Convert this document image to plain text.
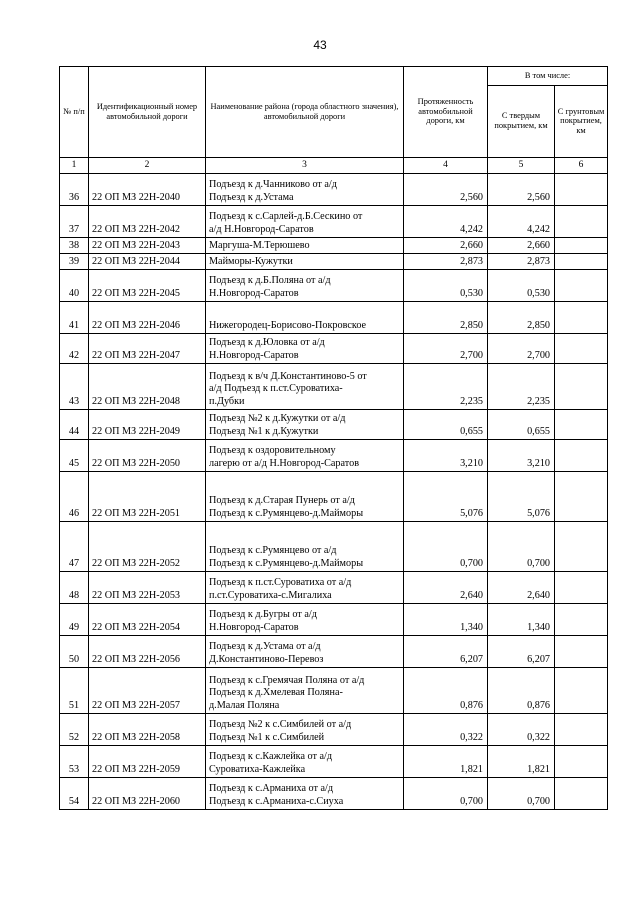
43
№ п/п	Идентификационный номер автомобильной дороги	Наименование района (города областного значения), автомобильной дороги	Протяженность автомобильной дороги, км	В том числе:	
				С твердым покрытием, км	С грунтовым покрытием, км
1	2	3	4	5	6
36	22 ОП МЗ 22Н-2040	Подъезд к д.Чанниково от а/д
Подъезд к д.Устама	2,560	2,560	
37	22 ОП МЗ 22Н-2042	Подъезд к с.Сарлей-д.Б.Сескино от
а/д Н.Новгород-Саратов	4,242	4,242	
38	22 ОП МЗ 22Н-2043	Маргуша-М.Терюшево	2,660	2,660	
39	22 ОП МЗ 22Н-2044	Майморы-Кужутки	2,873	2,873	
40	22 ОП МЗ 22Н-2045	Подъезд к д.Б.Поляна от а/д
Н.Новгород-Саратов	0,530	0,530	
41	22 ОП МЗ 22Н-2046	Нижегородец-Борисово-Покровское	2,850	2,850	
42	22 ОП МЗ 22Н-2047	Подъезд к д.Юловка от а/д
Н.Новгород-Саратов	2,700	2,700	
43	22 ОП МЗ 22Н-2048	Подъезд к в/ч Д.Константиново-5 от
а/д Подъезд к п.ст.Суроватиха-
п.Дубки	2,235	2,235	
44	22 ОП МЗ 22Н-2049	Подъезд №2 к д.Кужутки от а/д
Подъезд №1 к д.Кужутки	0,655	0,655	
45	22 ОП МЗ 22Н-2050	Подъезд к оздоровительному
лагерю от а/д Н.Новгород-Саратов	3,210	3,210	
46	22 ОП МЗ 22Н-2051	Подъезд к д.Старая Пунерь от а/д
Подъезд к с.Румянцево-д.Майморы	5,076	5,076	
47	22 ОП МЗ 22Н-2052	Подъезд к с.Румянцево от а/д
Подъезд к с.Румянцево-д.Майморы	0,700	0,700	
48	22 ОП МЗ 22Н-2053	Подъезд к п.ст.Суроватиха от а/д
п.ст.Суроватиха-с.Мигалиха	2,640	2,640	
49	22 ОП МЗ 22Н-2054	Подъезд к д.Бугры от а/д
Н.Новгород-Саратов	1,340	1,340	
50	22 ОП МЗ 22Н-2056	Подъезд к д.Устама от а/д
Д.Константиново-Перевоз	6,207	6,207	
51	22 ОП МЗ 22Н-2057	Подъезд к с.Гремячая Поляна от а/д
Подъезд к д.Хмелевая Поляна-
д.Малая Поляна	0,876	0,876	
52	22 ОП МЗ 22Н-2058	Подъезд №2 к с.Симбилей от а/д
Подъезд №1 к с.Симбилей	0,322	0,322	
53	22 ОП МЗ 22Н-2059	Подъезд к с.Кажлейка от а/д
Суроватиха-Кажлейка	1,821	1,821	
54	22 ОП МЗ 22Н-2060	Подъезд к с.Арманиха от а/д
Подъезд к с.Арманиха-с.Сиуха	0,700	0,700	
